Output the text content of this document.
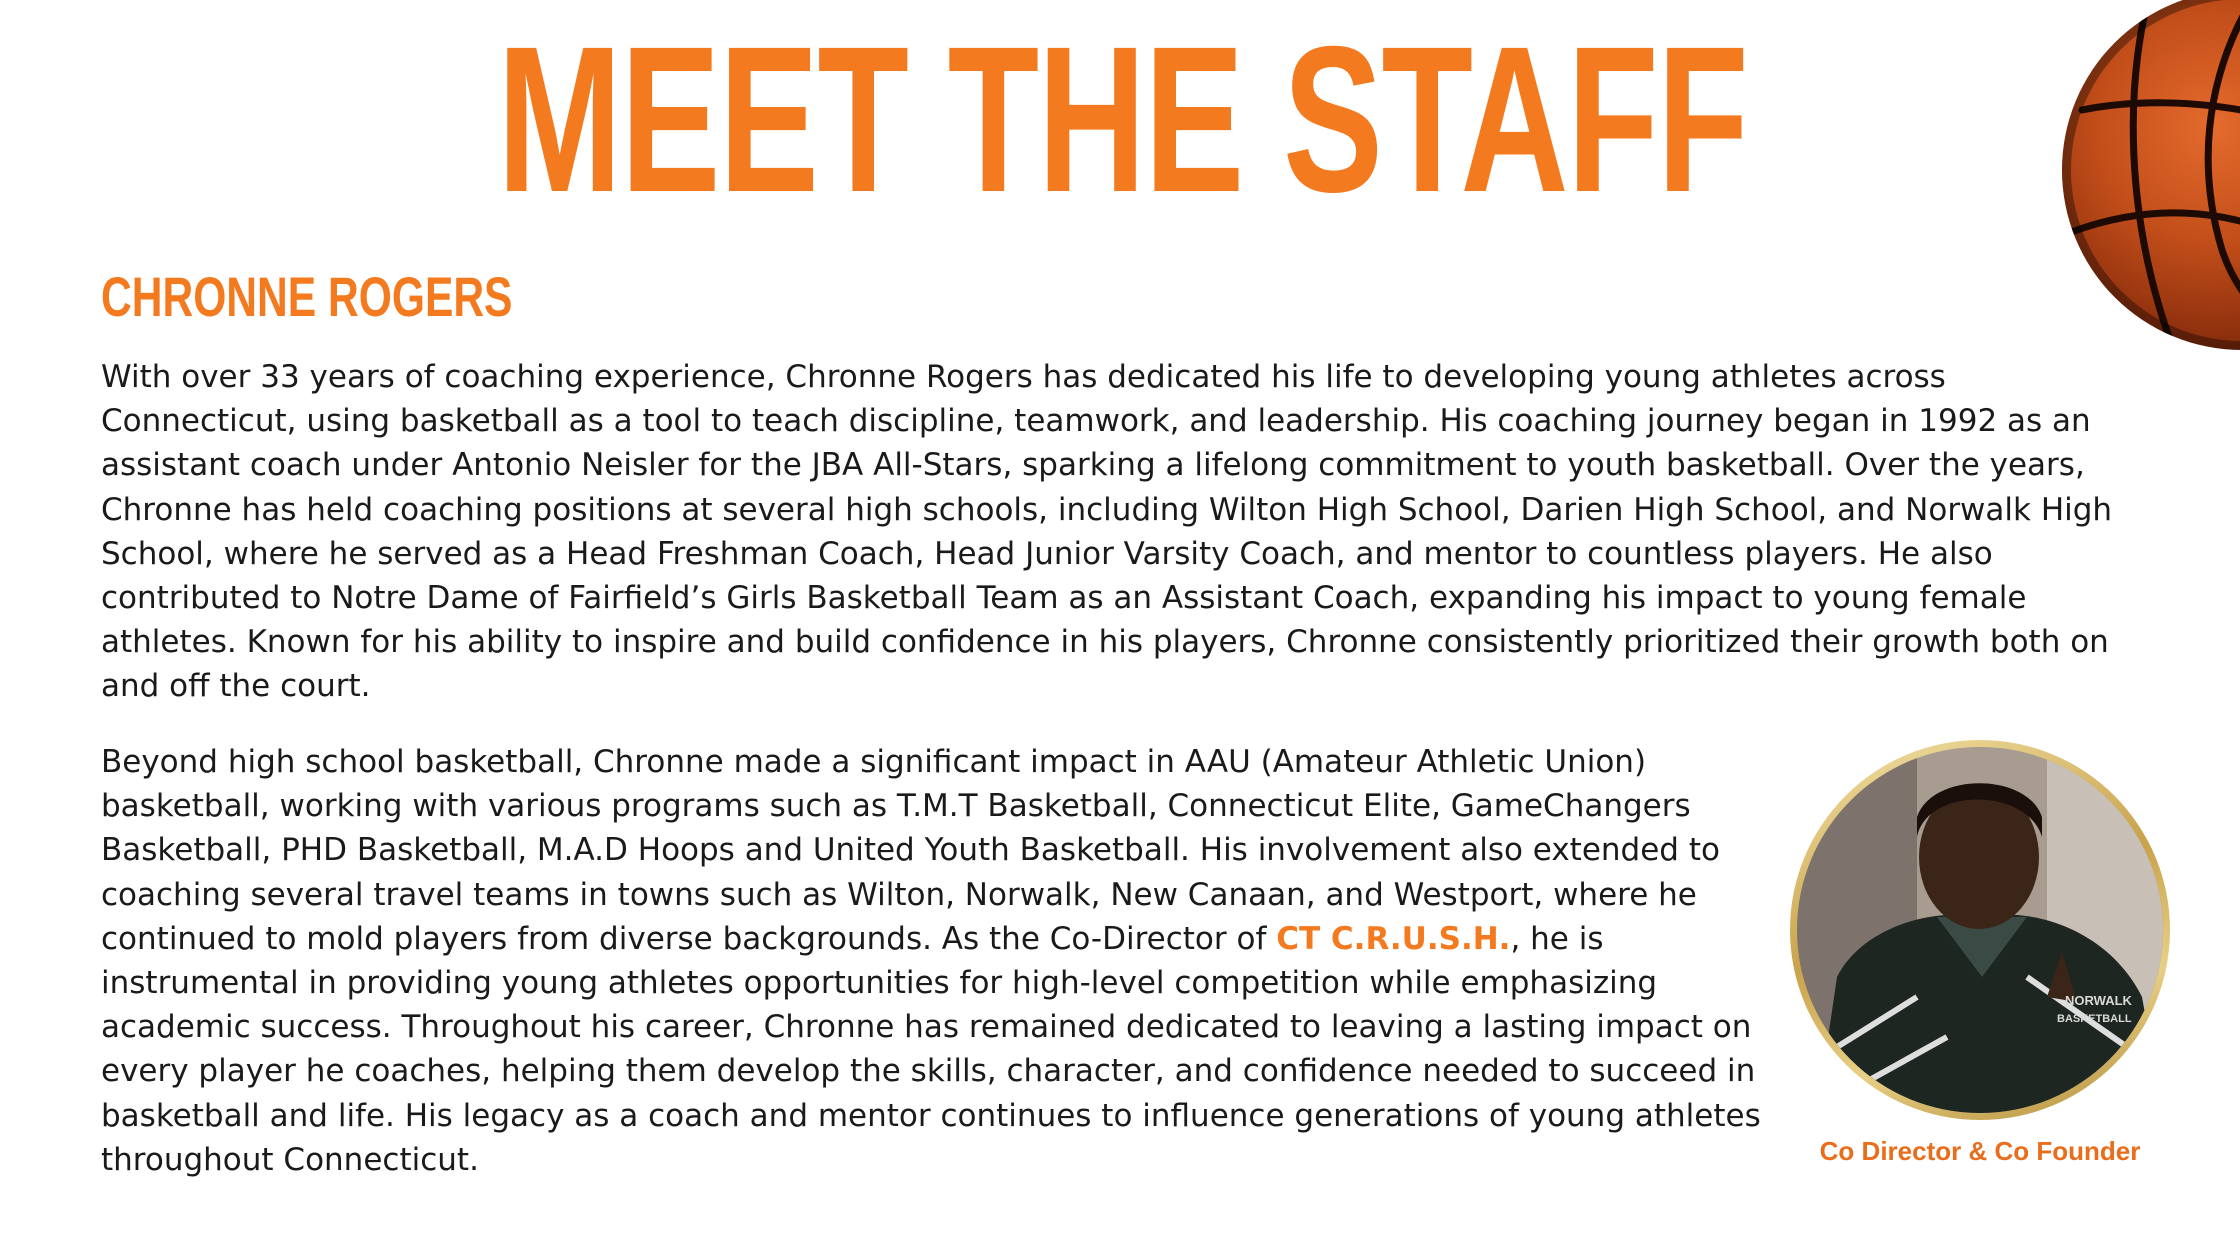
MEET THE STAFF
CHRONNE ROGERS

With over 33 years of coaching experience, Chronne Rogers has dedicated his life to developing young athletes across Connecticut, using basketball as a tool to teach discipline, teamwork, and leadership. His coaching journey began in 1992 as an assistant coach under Antonio Neisler for the JBA All-Stars, sparking a lifelong commitment to youth basketball. Over the years, Chronne has held coaching positions at several high schools, including Wilton High School, Darien High School, and Norwalk High School, where he served as a Head Freshman Coach, Head Junior Varsity Coach, and mentor to countless players. He also contributed to Notre Dame of Fairfield’s Girls Basketball Team as an Assistant Coach, expanding his impact to young female athletes. Known for his ability to inspire and build confidence in his players, Chronne consistently prioritized their growth both on and off the court.

Beyond high school basketball, Chronne made a significant impact in AAU (Amateur Athletic Union) basketball, working with various programs such as T.M.T Basketball, Connecticut Elite, GameChangers Basketball, PHD Basketball, M.A.D Hoops and United Youth Basketball. His involvement also extended to coaching several travel teams in towns such as Wilton, Norwalk, New Canaan, and Westport, where he continued to mold players from diverse backgrounds. As the Co-Director of CT C.R.U.S.H., he is instrumental in providing young athletes opportunities for high-level competition while emphasizing academic success. Throughout his career, Chronne has remained dedicated to leaving a lasting impact on every player he coaches, helping them develop the skills, character, and confidence needed to succeed in basketball and life. His legacy as a coach and mentor continues to influence generations of young athletes throughout Connecticut.

NORWALK
BASKETBALL

Co Director & Co Founder
